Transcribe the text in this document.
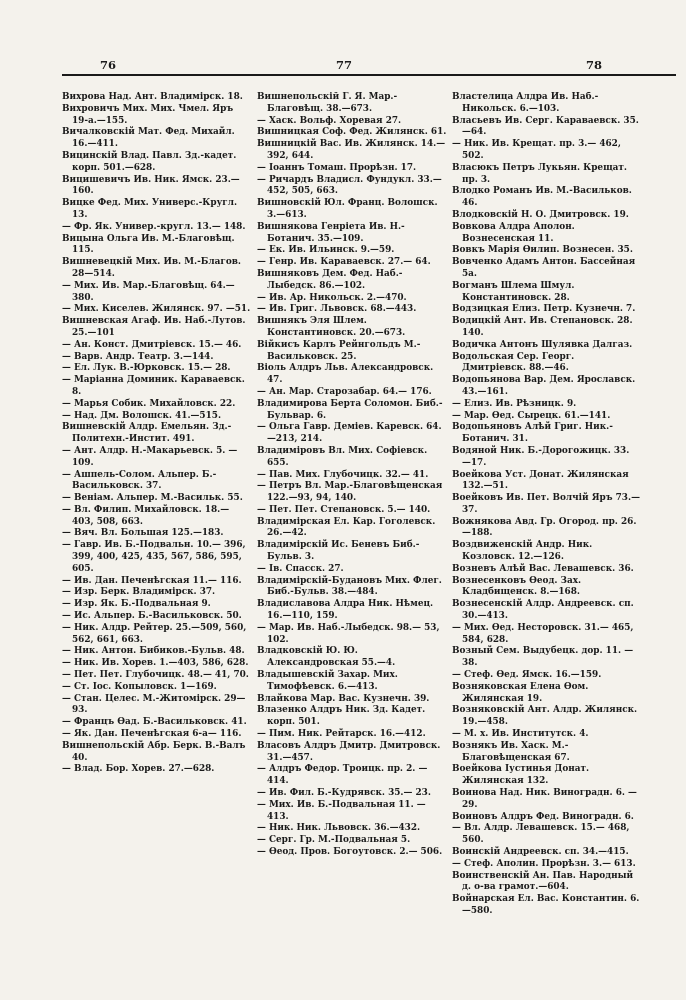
76	77	78
Вихрова Над. Ант. Владимірск. 18.
Вихровичъ Мих. Мих. Чмел. Яръ 19-а.—155.
Вичалковскій Мат. Фед. Михайл. 16.—411.
Вицинскій Влад. Павл. Зд.-кадет. корп. 501.—628.
Вицишевичъ Ив. Ник. Ямск. 23.—160.
Вицке Фед. Мих. Универс.-Кругл. 13.
— Фр. Як. Универ.-кругл. 13.— 148.
Вицына Ольга Ив. М.-Благовѣщ. 115.
Вишневецкій Мих. Ив. М.-Благов. 28—514.
— Мих. Ив. Мар.-Благовѣщ. 64.—380.
— Мих. Киселев. Жилянск. 97. —51.
Вишневская Агаф. Ив. Наб.-Лутов. 25.—101
— Ан. Конст. Дмитріевск. 15.— 46.
— Варв. Андр. Театр. 3.—144.
— Ел. Лук. В.-Юрковск. 15.— 28.
— Маріанна Доминик. Караваевск. 8.
— Марья Собик. Михайловск. 22.
— Над. Дм. Волошск. 41.—515.
Вишневскій Алдр. Емельян. Зд.-Политехн.-Инстит. 491.
— Ант. Алдр. Н.-Макарьевск. 5. —109.
— Ашпель-Солом. Альпер. Б.-Васильковск. 37.
— Веніам. Альпер. М.-Васильк. 55.
— Вл. Филип. Михайловск. 18.— 403, 508, 663.
— Вяч. Вл. Большая 125.—183.
— Гавр. Ив. Б.-Подвальн. 10.— 396, 399, 400, 425, 435, 567, 586, 595, 605.
— Ив. Дан. Печенѣгская 11.— 116.
— Изр. Берк. Владимірск. 37.
— Изр. Як. Б.-Подвальная 9.
— Ис. Альпер. Б.-Васильковск. 50.
— Ник. Алдр. Рейтер. 25.—509, 560, 562, 661, 663.
— Ник. Антон. Бибиков.-Бульв. 48.
— Ник. Ив. Хорев. 1.—403, 586, 628.
— Пет. Пет. Глубочицк. 48.— 41, 70.
— Ст. Іос. Копыловск. 1—169.
— Стан. Целес. М.-Житомірск. 29—93.
— Францъ Ѳад. Б.-Васильковск. 41.
— Як. Дан. Печенѣгская 6-а— 116.
Вишнепольскій Абр. Берк. В.-Валъ 40.
— Влад. Бор. Хорев. 27.—628.
Вишнепольскій Г. Я. Мар.-Благовѣщ. 38.—673.
— Хаск. Вольф. Хоревая 27.
Вишницкая Соф. Фед. Жилянск. 61.
Вишницкій Вас. Ив. Жилянск. 14.—392, 644.
— Іоаннъ Томаш. Прорѣзн. 17.
— Ричардъ Владисл. Фундукл. 33.—452, 505, 663.
Вишновскій Юл. Франц. Волошск. 3.—613.
Вишнякова Генріета Ив. Н.-Ботанич. 35.—109.
— Ек. Ив. Ильинск. 9.—59.
— Генр. Ив. Караваевск. 27.— 64.
Вишняковъ Дем. Фед. Наб.-Лыбедск. 86.—102.
— Ив. Ар. Никольск. 2.—470.
— Ив. Григ. Львовск. 68.—443.
Вишнякъ Эля Шлем. Константиновск. 20.—673.
Війкисъ Карлъ Рейнгольдъ М.-Васильковск. 25.
Віоль Алдръ Льв. Александровск. 47.
— Ан. Мар. Старозабар. 64.— 176.
Владимирова Берта Соломон. Биб.-Бульвар. 6.
— Ольга Гавр. Деміев. Каревск. 64.—213, 214.
Владиміровъ Вл. Мих. Софіевск. 655.
— Пав. Мих. Глубочицк. 32.— 41.
— Петръ Вл. Мар.-Благовѣщенская 122.—93, 94, 140.
— Пет. Пет. Степановск. 5.— 140.
Владимірская Ел. Кар. Гоголевск. 26.—42.
Владимірскій Ис. Беневъ Биб.-Бульв. 3.
— Ів. Спасск. 27.
Владимірскій-Будановъ Мих. Флег. Биб.-Бульв. 38.—484.
Владиславова Алдра Ник. Нѣмец. 16.—110, 159.
— Мар. Ив. Наб.-Лыбедск. 98.— 53, 102.
Владковскій Ю. Ю. Александровская 55.—4.
Владышевскій Захар. Мих. Тимофѣевск. 6.—413.
Влайкова Мар. Вас. Кузнечн. 39.
Влазенко Алдръ Ник. Зд. Кадет. корп. 501.
— Пим. Ник. Рейтарск. 16.—412.
Власовъ Алдръ Дмитр. Дмитровск. 31.—457.
— Алдръ Федор. Троицк. пр. 2. —414.
— Ив. Фил. Б.-Кудрявск. 35.— 23.
— Мих. Ив. Б.-Подвальная 11. —413.
— Ник. Ник. Львовск. 36.—432.
— Серг. Гр. М.-Подвальная 5.
— Ѳеод. Пров. Богоутовск. 2.— 506.
Властелица Алдра Ив. Наб.-Никольск. 6.—103.
Власьевъ Ив. Серг. Караваевск. 35.—64.
— Ник. Ив. Крещат. пр. 3.— 462, 502.
Власюкъ Петръ Лукьян. Крещат. пр. 3.
Влодко Романъ Ив. М.-Васильков. 46.
Влодковскій Н. О. Дмитровск. 19.
Вовкова Алдра Аполон. Вознесенская 11.
Вовкъ Марія Ѳилип. Вознесен. 35.
Вовченко Адамъ Антон. Бассейная 5а.
Вогманъ Шлема Шмул. Константиновск. 28.
Водзицкая Елиз. Петр. Кузнечн. 7.
Водицкій Ант. Ив. Степановск. 28. 140.
Водичка Антонъ Шулявка Далгаз.
Водольская Сер. Георг. Дмитріевск. 88.—46.
Водопьянова Вар. Дем. Ярославск. 43.—161.
— Елиз. Ив. Рѣзницк. 9.
— Мар. Ѳед. Сырецк. 61.—141.
Водопьяновъ Алѣй Григ. Ник.-Ботанич. 31.
Водяной Ник. Б.-Дорогожицк. 33. —17.
Воейкова Уст. Донат. Жилянская 132.—51.
Воейковъ Ив. Пет. Волчій Яръ 73.—37.
Вожнякова Авд. Гр. Огород. пр. 26.—188.
Воздвиженскій Андр. Ник. Козловск. 12.—126.
Возневъ Алѣй Вас. Левашевск. 36.
Вознесенковъ Ѳеод. Зах. Кладбищенск. 8.—168.
Вознесенскій Алдр. Андреевск. сп. 30.—413.
— Мих. Ѳед. Несторовск. 31.— 465, 584, 628.
Возный Сем. Выдубецк. дор. 11. —38.
— Стеф. Ѳед. Ямск. 16.—159.
Возняковская Елена Ѳом. Жилянская 19.
Возняковскій Ант. Алдр. Жилянск. 19.—458.
— М. х. Ив. Институтск. 4.
Вознякъ Ив. Хаск. М.-Благовѣщенская 67.
Воейкова Іустинья Донат. Жилянская 132.
Воинова Над. Ник. Виноградн. 6. —29.
Воиновъ Алдръ Фед. Виноградн. 6.
— Вл. Алдр. Левашевск. 15.— 468, 560.
Воинскій Андреевск. сп. 34.—415.
— Стеф. Аполин. Прорѣзн. 3.— 613.
Воинственскій Ан. Пав. Народный д. о-ва грамот.—604.
Войнарская Ел. Вас. Константин. 6.—580.
